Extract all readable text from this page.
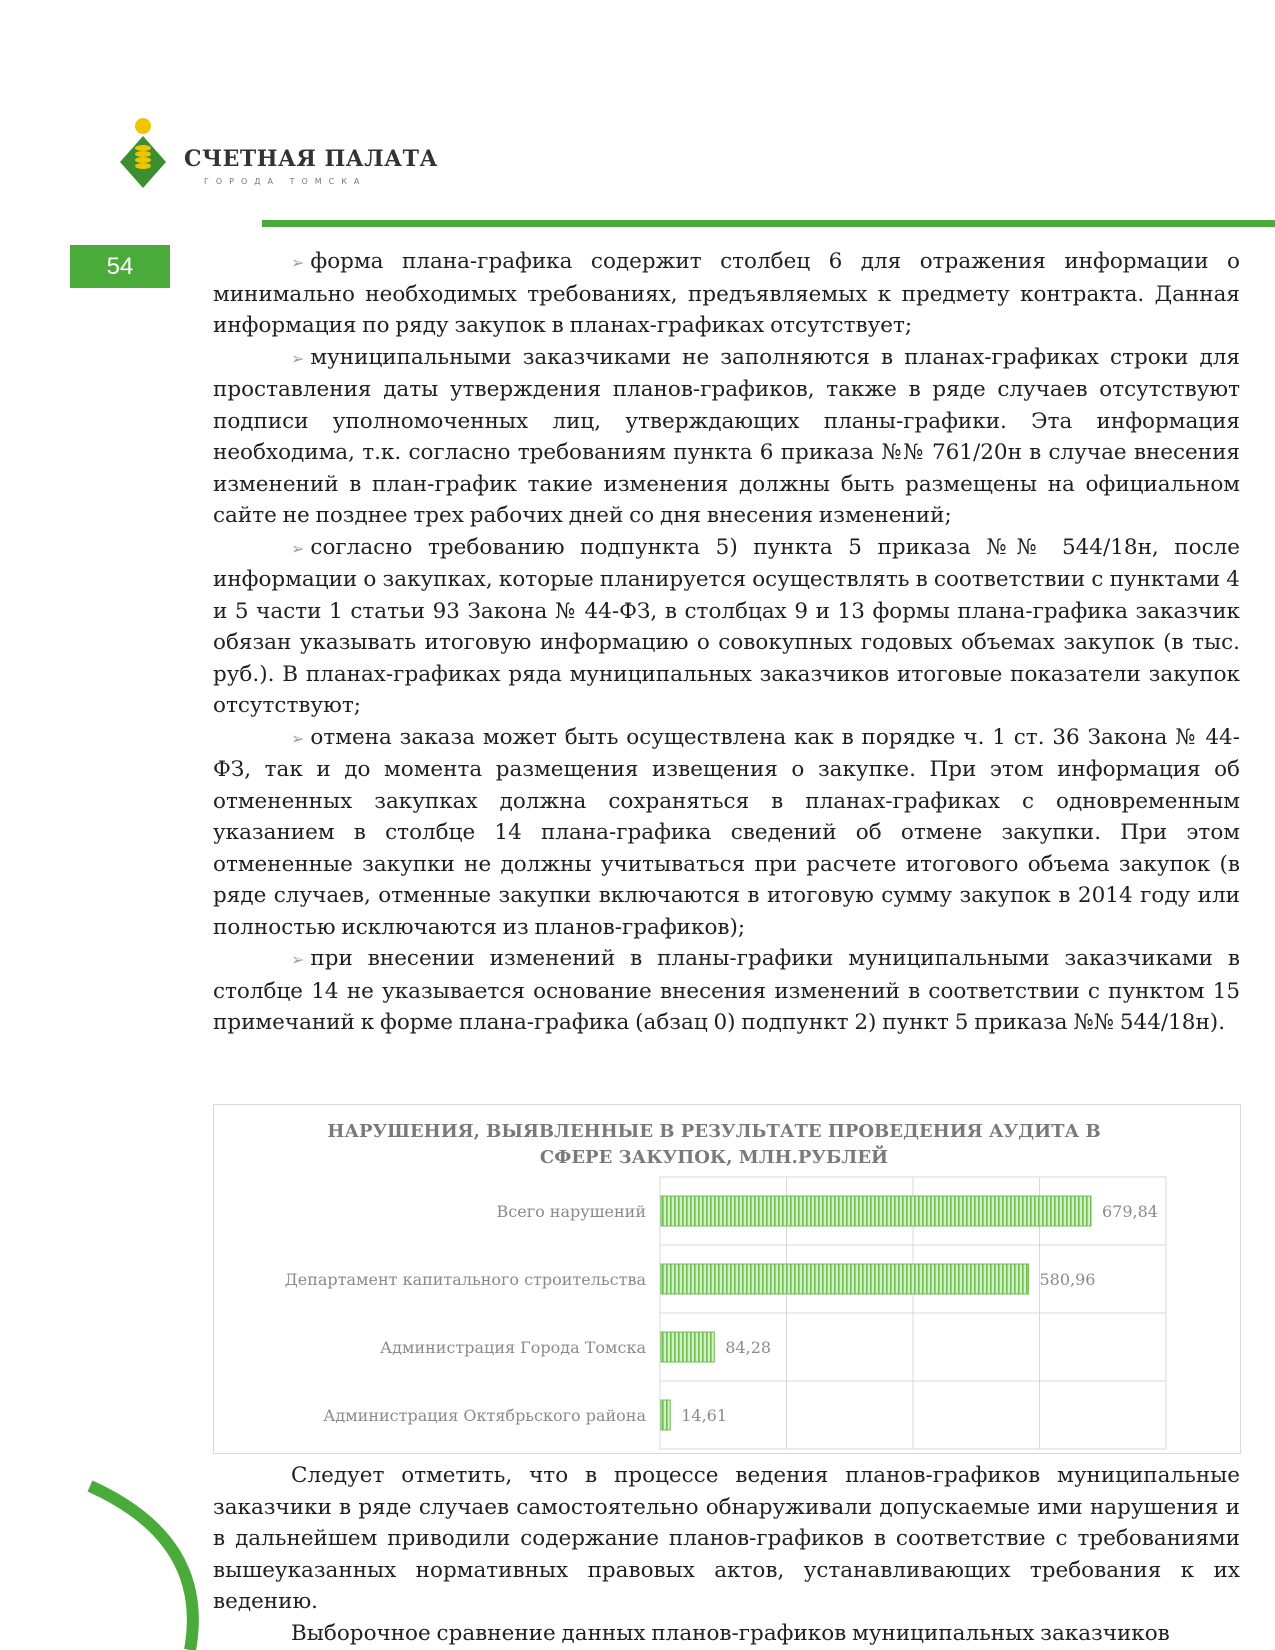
СЧЕТНАЯ ПАЛАТА
ГОРОДА ТОМСКА
54	➢ форма плана-графика содержит столбец 6 для отражения информации о минимально необходимых требованиях, предъявляемых к предмету контракта. Данная информация по ряду закупок в планах-графиках отсутствует;

➢ муниципальными заказчиками не заполняются в планах-графиках строки для проставления даты утверждения планов-графиков, также в ряде случаев отсутствуют подписи уполномоченных лиц, утверждающих планы-графики. Эта информация необходима, т.к. согласно требованиям пункта 6 приказа №№ 761/20н в случае внесения изменений в план-график такие изменения должны быть размещены на официальном сайте не позднее трех рабочих дней со дня внесения изменений;

➢ согласно требованию подпункта 5) пункта 5 приказа №№ 544/18н, после информации о закупках, которые планируется осуществлять в соответствии с пунктами 4 и 5 части 1 статьи 93 Закона № 44-ФЗ, в столбцах 9 и 13 формы плана-графика заказчик обязан указывать итоговую информацию о совокупных годовых объемах закупок (в тыс. руб.). В планах-графиках ряда муниципальных заказчиков итоговые показатели закупок отсутствуют;

➢ отмена заказа может быть осуществлена как в порядке ч. 1 ст. 36 Закона № 44-ФЗ, так и до момента размещения извещения о закупке. При этом информация об отмененных закупках должна сохраняться в планах-графиках с одновременным указанием в столбце 14 плана-графика сведений об отмене закупки. При этом отмененные закупки не должны учитываться при расчете итогового объема закупок (в ряде случаев, отменные закупки включаются в итоговую сумму закупок в 2014 году или полностью исключаются из планов-графиков);

➢ при внесении изменений в планы-графики муниципальными заказчиками в столбце 14 не указывается основание внесения изменений в соответствии с пунктом 15 примечаний к форме плана-графика (абзац 0) подпункт 2) пункт 5 приказа №№ 544/18н).

НАРУШЕНИЯ, ВЫЯВЛЕННЫЕ В РЕЗУЛЬТАТЕ ПРОВЕДЕНИЯ АУДИТА В
СФЕРЕ ЗАКУПОК, МЛН.РУБЛЕЙ
Всего нарушений	679,84
Департамент капитального строительства	580,96
Администрация Города Томска	84,28
Администрация Октябрьского района 14,61

Следует отметить, что в процессе ведения планов-графиков муниципальные заказчики в ряде случаев самостоятельно обнаруживали допускаемые ими нарушения и в дальнейшем приводили содержание планов-графиков в соответствие с требованиями вышеуказанных нормативных правовых актов, устанавливающих требования к их ведению.

Выборочное сравнение данных планов-графиков муниципальных заказчиков
